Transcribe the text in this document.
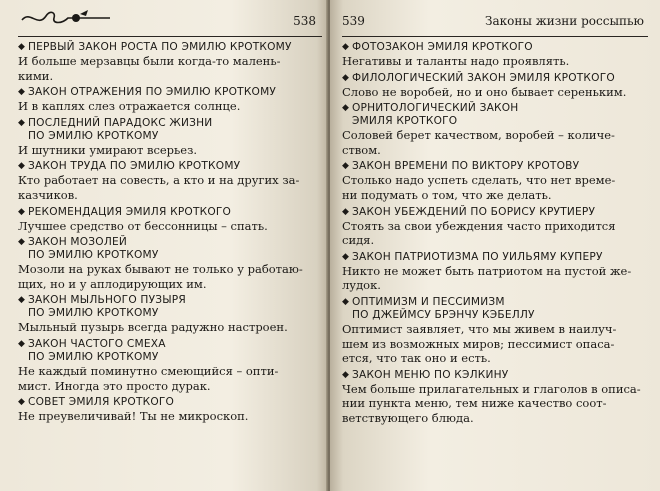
538
◆ ПЕРВЫЙ ЗАКОН РОСТА ПО ЭМИЛЮ КРОТКОМУ
И больше мерзавцы были когда-то малень-
кими.
◆ ЗАКОН ОТРАЖЕНИЯ ПО ЭМИЛЮ КРОТКОМУ
И в каплях слез отражается солнце.
◆ ПОСЛЕДНИЙ ПАРАДОКС ЖИЗНИ
ПО ЭМИЛЮ КРОТКОМУ
И шутники умирают всерьез.
◆ ЗАКОН ТРУДА ПО ЭМИЛЮ КРОТКОМУ
Кто работает на совесть, а кто и на других за-
казчиков.
◆ РЕКОМЕНДАЦИЯ ЭМИЛЯ КРОТКОГО
Лучшее средство от бессонницы – спать.
◆ ЗАКОН МОЗОЛЕЙ
ПО ЭМИЛЮ КРОТКОМУ
Мозоли на руках бывают не только у работаю-
щих, но и у аплодирующих им.
◆ ЗАКОН МЫЛЬНОГО ПУЗЫРЯ
ПО ЭМИЛЮ КРОТКОМУ
Мыльный пузырь всегда радужно настроен.
◆ ЗАКОН ЧАСТОГО СМЕХА
ПО ЭМИЛЮ КРОТКОМУ
Не каждый поминутно смеющийся – опти-
мист. Иногда это просто дурак.
◆ СОВЕТ ЭМИЛЯ КРОТКОГО
Не преувеличивай! Ты не микроскоп.
539	Законы жизни россыпью
◆ ФОТОЗАКОН ЭМИЛЯ КРОТКОГО
Негативы и таланты надо проявлять.
◆ ФИЛОЛОГИЧЕСКИЙ ЗАКОН ЭМИЛЯ КРОТКОГО
Слово не воробей, но и оно бывает сереньким.
◆ ОРНИТОЛОГИЧЕСКИЙ ЗАКОН
ЭМИЛЯ КРОТКОГО
Соловей берет качеством, воробей – количе-
ством.
◆ ЗАКОН ВРЕМЕНИ ПО ВИКТОРУ КРОТОВУ
Столько надо успеть сделать, что нет време-
ни подумать о том, что же делать.
◆ ЗАКОН УБЕЖДЕНИЙ ПО БОРИСУ КРУТИЕРУ
Стоять за свои убеждения часто приходится
сидя.
◆ ЗАКОН ПАТРИОТИЗМА ПО УИЛЬЯМУ КУПЕРУ
Никто не может быть патриотом на пустой же-
лудок.
◆ ОПТИМИЗМ И ПЕССИМИЗМ
ПО ДЖЕЙМСУ БРЭНЧУ КЭБЕЛЛУ
Оптимист заявляет, что мы живем в наилуч-
шем из возможных миров; пессимист опаса-
ется, что так оно и есть.
◆ ЗАКОН МЕНЮ ПО КЭЛКИНУ
Чем больше прилагательных и глаголов в описа-
нии пункта меню, тем ниже качество соот-
ветствующего блюда.
